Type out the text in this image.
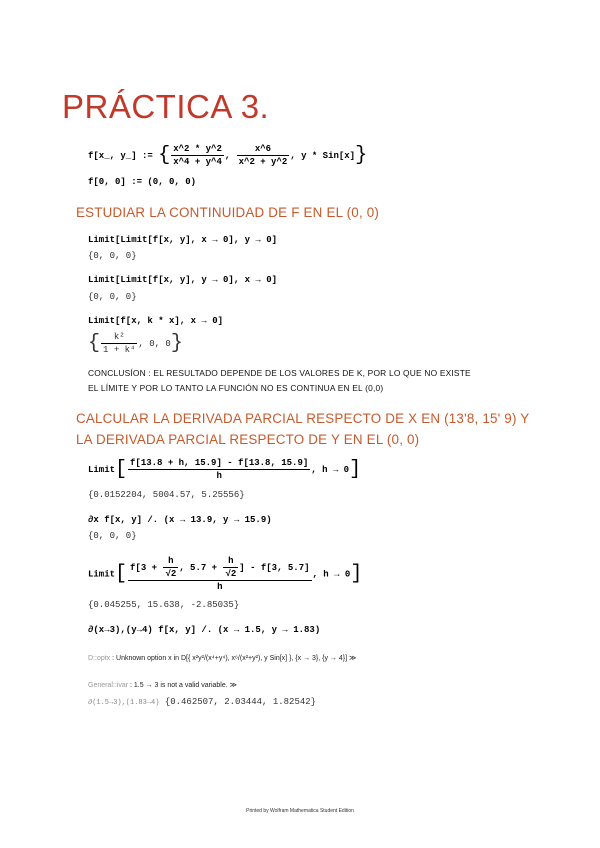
PRÁCTICA 3.
f[x_, y_] := { $\frac{x\^{}2 * y\^{}2}{x\^{}4 + y\^{}4}$ , $\frac{x\^{}6}{x\^{}2 + y\^{}2}$ , y * Sin[x]}
f[0, 0] := (0, 0, 0)
ESTUDIAR LA CONTINUIDAD DE F EN EL (0, 0)
Limit[Limit[f[x, y], x → 0], y → 0]
{0, 0, 0}
Limit[Limit[f[x, y], y → 0], x → 0]
{0, 0, 0}
Limit[f[x, k * x], x → 0]
{ $\frac{\text{k²}}{\text{1 + k⁴}}$ , 0, 0}
CONCLUSÍON : EL RESULTADO DEPENDE DE LOS VALORES DE K, POR LO QUE NO EXISTE
EL LÍMITE Y POR LO TANTO LA FUNCIÓN NO ES CONTINUA EN EL (0,0)
CALCULAR LA DERIVADA PARCIAL RESPECTO DE X EN (13'8, 15' 9) Y
LA DERIVADA PARCIAL RESPECTO DE Y EN EL (0, 0)
Limit[ $\frac{f[13.8 + h, 15.9] - f[13.8, 15.9]}{h}$ , h → 0]
{0.0152204, 5004.57, 5.25556}
∂x f[x, y] /. (x → 13.9, y → 15.9)
{0, 0, 0}
Limit[ $\frac{f[3 + \frac{h}{√2} , 5.7 + \frac{h}{√2} ] - f[3, 5.7]}{h}$ , h → 0]
{0.045255, 15.638, -2.85035}
∂(x→3),(y→4) f[x, y] /. (x → 1.5, y → 1.83)
D::optx : Unknown option x in D[{ x²y²/(x⁴+y⁴), x⁶/(x²+y²), y Sin[x] }, {x → 3}, {y → 4}] ≫
General::ivar : 1.5 → 3 is not a valid variable. ≫
∂(1.5→3),(1.83→4) {0.462507, 2.03444, 1.82542}
Printed by Wolfram Mathematica Student Edition
